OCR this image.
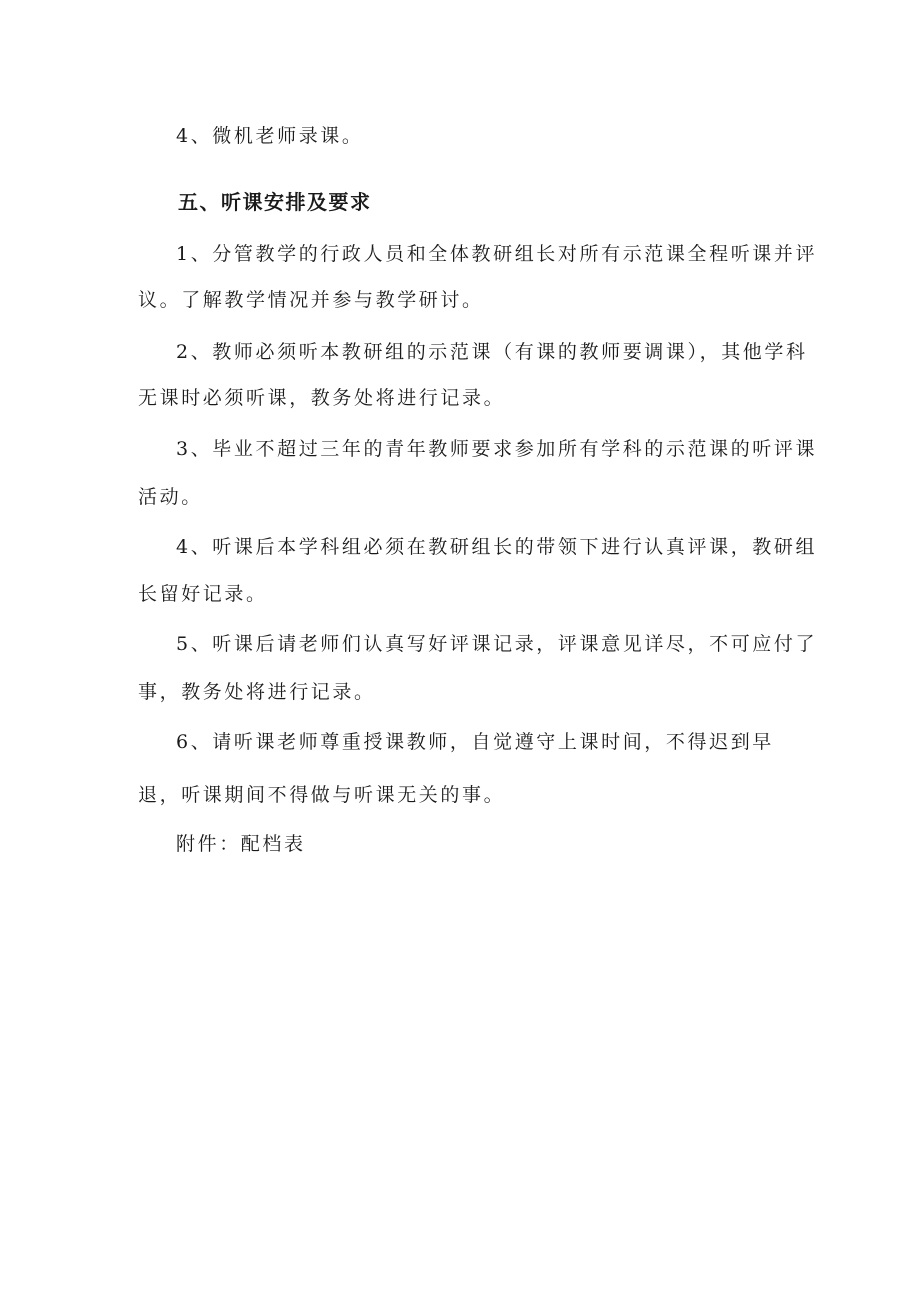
4、微机老师录课。
五、听课安排及要求
1、分管教学的行政人员和全体教研组长对所有示范课全程听课并评
议。了解教学情况并参与教学研讨。
2、教师必须听本教研组的示范课（有课的教师要调课），其他学科
无课时必须听课，教务处将进行记录。
3、毕业不超过三年的青年教师要求参加所有学科的示范课的听评课
活动。
4、听课后本学科组必须在教研组长的带领下进行认真评课，教研组
长留好记录。
5、听课后请老师们认真写好评课记录，评课意见详尽，不可应付了
事，教务处将进行记录。
6、请听课老师尊重授课教师，自觉遵守上课时间，不得迟到早
退，听课期间不得做与听课无关的事。
附件：配档表
